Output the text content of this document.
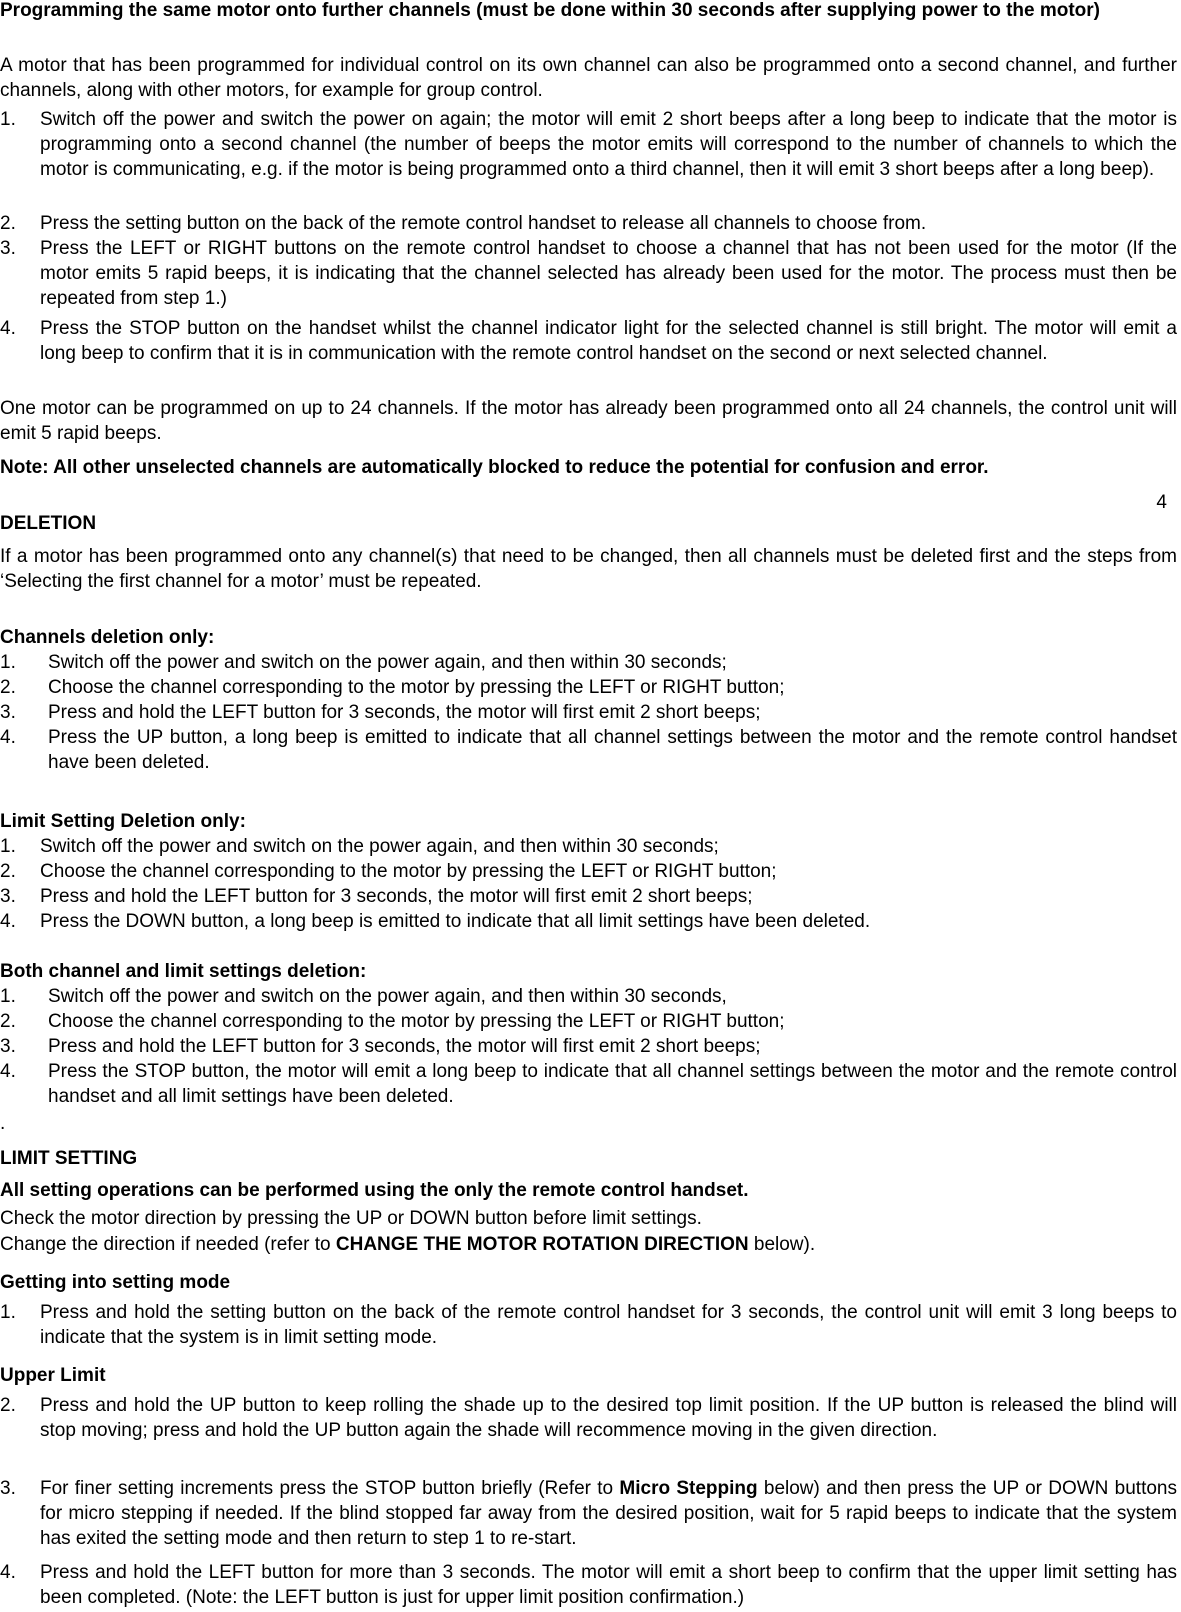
Programming the same motor onto further channels (must be done within 30 seconds after supplying power to the motor)

A motor that has been programmed for individual control on its own channel can also be programmed onto a second channel, and further channels, along with other motors, for example for group control.

1. Switch off the power and switch the power on again; the motor will emit 2 short beeps after a long beep to indicate that the motor is programming onto a second channel (the number of beeps the motor emits will correspond to the number of channels to which the motor is communicating, e.g. if the motor is being programmed onto a third channel, then it will emit 3 short beeps after a long beep).

2. Press the setting button on the back of the remote control handset to release all channels to choose from.

3. Press the LEFT or RIGHT buttons on the remote control handset to choose a channel that has not been used for the motor (If the motor emits 5 rapid beeps, it is indicating that the channel selected has already been used for the motor. The process must then be repeated from step 1.)

4. Press the STOP button on the handset whilst the channel indicator light for the selected channel is still bright. The motor will emit a long beep to confirm that it is in communication with the remote control handset on the second or next selected channel.

One motor can be programmed on up to 24 channels. If the motor has already been programmed onto all 24 channels, the control unit will emit 5 rapid beeps.

Note: All other unselected channels are automatically blocked to reduce the potential for confusion and error.

4

DELETION

If a motor has been programmed onto any channel(s) that need to be changed, then all channels must be deleted first and the steps from ‘Selecting the first channel for a motor’ must be repeated.

Channels deletion only:

1. Switch off the power and switch on the power again, and then within 30 seconds;

2. Choose the channel corresponding to the motor by pressing the LEFT or RIGHT button;

3. Press and hold the LEFT button for 3 seconds, the motor will first emit 2 short beeps;

4. Press the UP button, a long beep is emitted to indicate that all channel settings between the motor and the remote control handset have been deleted.

Limit Setting Deletion only:

1. Switch off the power and switch on the power again, and then within 30 seconds;

2. Choose the channel corresponding to the motor by pressing the LEFT or RIGHT button;

3. Press and hold the LEFT button for 3 seconds, the motor will first emit 2 short beeps;

4. Press the DOWN button, a long beep is emitted to indicate that all limit settings have been deleted.

Both channel and limit settings deletion:

1. Switch off the power and switch on the power again, and then within 30 seconds,

2. Choose the channel corresponding to the motor by pressing the LEFT or RIGHT button;

3. Press and hold the LEFT button for 3 seconds, the motor will first emit 2 short beeps;

4. Press the STOP button, the motor will emit a long beep to indicate that all channel settings between the motor and the remote control handset and all limit settings have been deleted.

.

LIMIT SETTING

All setting operations can be performed using the only the remote control handset.

Check the motor direction by pressing the UP or DOWN button before limit settings.

Change the direction if needed (refer to CHANGE THE MOTOR ROTATION DIRECTION below).

Getting into setting mode

1. Press and hold the setting button on the back of the remote control handset for 3 seconds, the control unit will emit 3 long beeps to indicate that the system is in limit setting mode.

Upper Limit

2. Press and hold the UP button to keep rolling the shade up to the desired top limit position. If the UP button is released the blind will stop moving; press and hold the UP button again the shade will recommence moving in the given direction.

3. For finer setting increments press the STOP button briefly (Refer to Micro Stepping below) and then press the UP or DOWN buttons for micro stepping if needed. If the blind stopped far away from the desired position, wait for 5 rapid beeps to indicate that the system has exited the setting mode and then return to step 1 to re-start.

4. Press and hold the LEFT button for more than 3 seconds. The motor will emit a short beep to confirm that the upper limit setting has been completed. (Note: the LEFT button is just for upper limit position confirmation.)
